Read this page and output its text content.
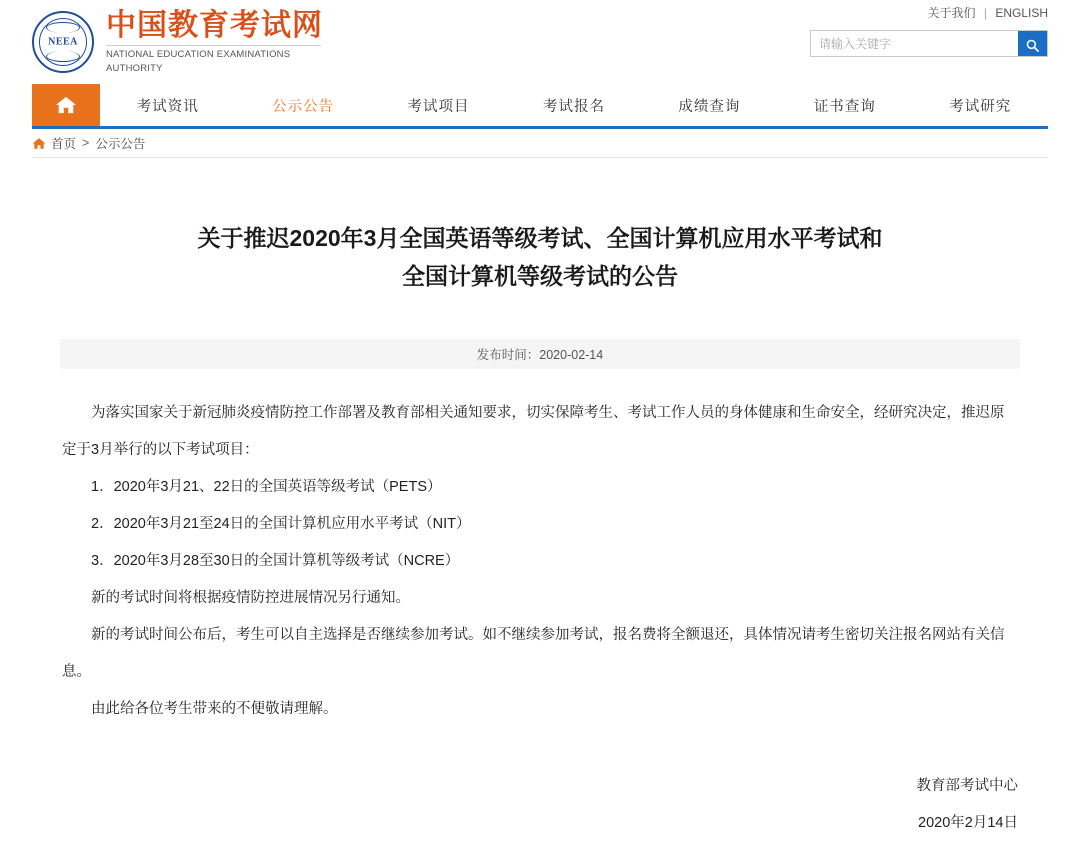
NEEA 中国教育考试网
NATIONAL EDUCATION EXAMINATIONS AUTHORITY
关于我们 | ENGLISH
请输入关键字
考试资讯	公示公告	考试项目	考试报名	成绩查询	证书查询	考试研究
首页 > 公示公告
关于推迟2020年3月全国英语等级考试、全国计算机应用水平考试和
全国计算机等级考试的公告
发布时间：2020-02-14

为落实国家关于新冠肺炎疫情防控工作部署及教育部相关通知要求，切实保障考生、考试工作人员的身体健康和生命安全，经研究决定，推迟原定于3月举行的以下考试项目：

1．2020年3月21、22日的全国英语等级考试（PETS）

2．2020年3月21至24日的全国计算机应用水平考试（NIT）

3．2020年3月28至30日的全国计算机等级考试（NCRE）

新的考试时间将根据疫情防控进展情况另行通知。

新的考试时间公布后，考生可以自主选择是否继续参加考试。如不继续参加考试，报名费将全额退还，具体情况请考生密切关注报名网站有关信息。

由此给各位考生带来的不便敬请理解。

教育部考试中心
2020年2月14日
